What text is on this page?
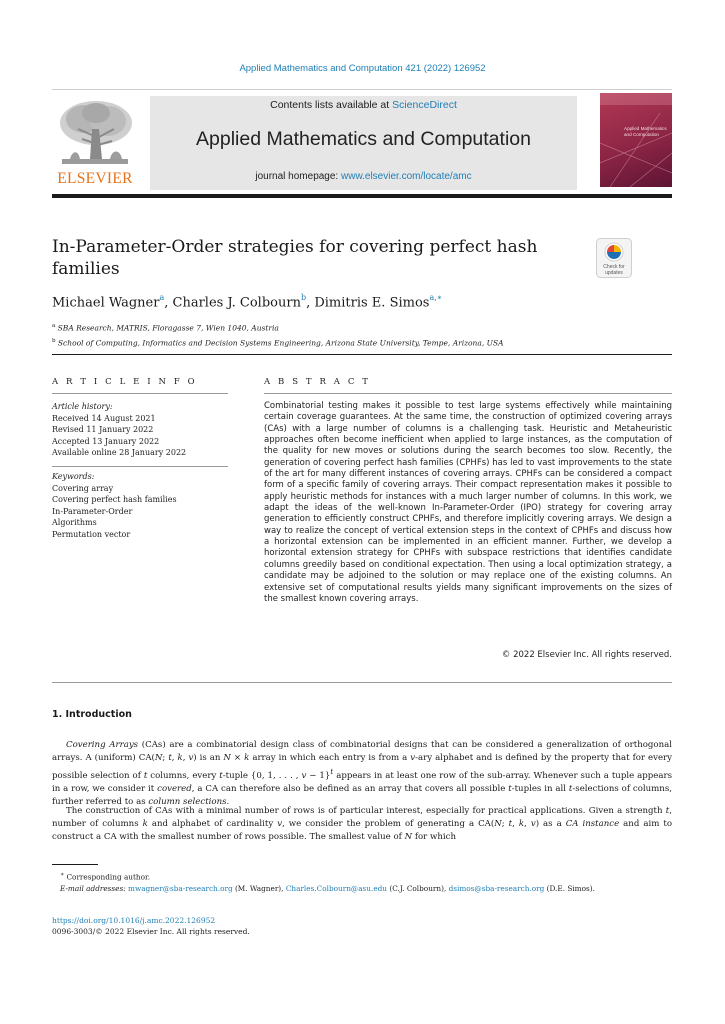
Applied Mathematics and Computation 421 (2022) 126952
ELSEVIER
Contents lists available at ScienceDirect
Applied Mathematics and Computation
journal homepage: www.elsevier.com/locate/amc
Applied Mathematics and Computation
In-Parameter-Order strategies for covering perfect hash families	Check for
updates
Michael Wagner$^a$, Charles J. Colbourn$^b$, Dimitris E. Simos$^{a,∗}$
$^a$ SBA Research, MATRIS, Floragasse 7, Wien 1040, Austria
$^b$ School of Computing, Informatics and Decision Systems Engineering, Arizona State University, Tempe, Arizona, USA
A R T I C L E I N F O	A B S T R A C T
Article history:
Received 14 August 2021
Revised 11 January 2022
Accepted 13 January 2022
Available online 28 January 2022
Keywords:
Covering array
Covering perfect hash families
In-Parameter-Order
Algorithms
Permutation vector
Combinatorial testing makes it possible to test large systems effectively while maintaining certain coverage guarantees. At the same time, the construction of optimized covering arrays (CAs) with a large number of columns is a challenging task. Heuristic and Metaheuristic approaches often become inefficient when applied to large instances, as the computation of the quality for new moves or solutions during the search becomes too slow. Recently, the generation of covering perfect hash families (CPHFs) has led to vast improvements to the state of the art for many different instances of covering arrays. CPHFs can be considered a compact form of a specific family of covering arrays. Their compact representation makes it possible to apply heuristic methods for instances with a much larger number of columns. In this work, we adapt the ideas of the well-known In-Parameter-Order (IPO) strategy for covering array generation to efficiently construct CPHFs, and therefore implicitly covering arrays. We design a way to realize the concept of vertical extension steps in the context of CPHFs and discuss how a horizontal extension can be implemented in an efficient manner. Further, we develop a horizontal extension strategy for CPHFs with subspace restrictions that identifies candidate columns greedily based on conditional expectation. Then using a local optimization strategy, a candidate may be adjoined to the solution or may replace one of the existing columns. An extensive set of computational results yields many significant improvements on the sizes of the smallest known covering arrays.
© 2022 Elsevier Inc. All rights reserved.
1. Introduction

Covering Arrays (CAs) are a combinatorial design class of combinatorial designs that can be considered a generalization of orthogonal arrays. A (uniform) CA(N; t, k, v) is an N × k array in which each entry is from a v-ary alphabet and is defined by the property that for every possible selection of t columns, every t-tuple {0, 1, . . . , v − 1}$^t$ appears in at least one row of the sub-array. Whenever such a tuple appears in a row, we consider it covered, a CA can therefore also be defined as an array that covers all possible t-tuples in all t-selections of columns, further referred to as column selections.

The construction of CAs with a minimal number of rows is of particular interest, especially for practical applications. Given a strength t, number of columns k and alphabet of cardinality v, we consider the problem of generating a CA(N; t, k, v) as a CA instance and aim to construct a CA with the smallest number of rows possible. The smallest value of N for which

∗ Corresponding author.
E-mail addresses: mwagner@sba-research.org (M. Wagner), Charles.Colbourn@asu.edu (C.J. Colbourn), dsimos@sba-research.org (D.E. Simos).
https://doi.org/10.1016/j.amc.2022.126952
0096-3003/© 2022 Elsevier Inc. All rights reserved.
